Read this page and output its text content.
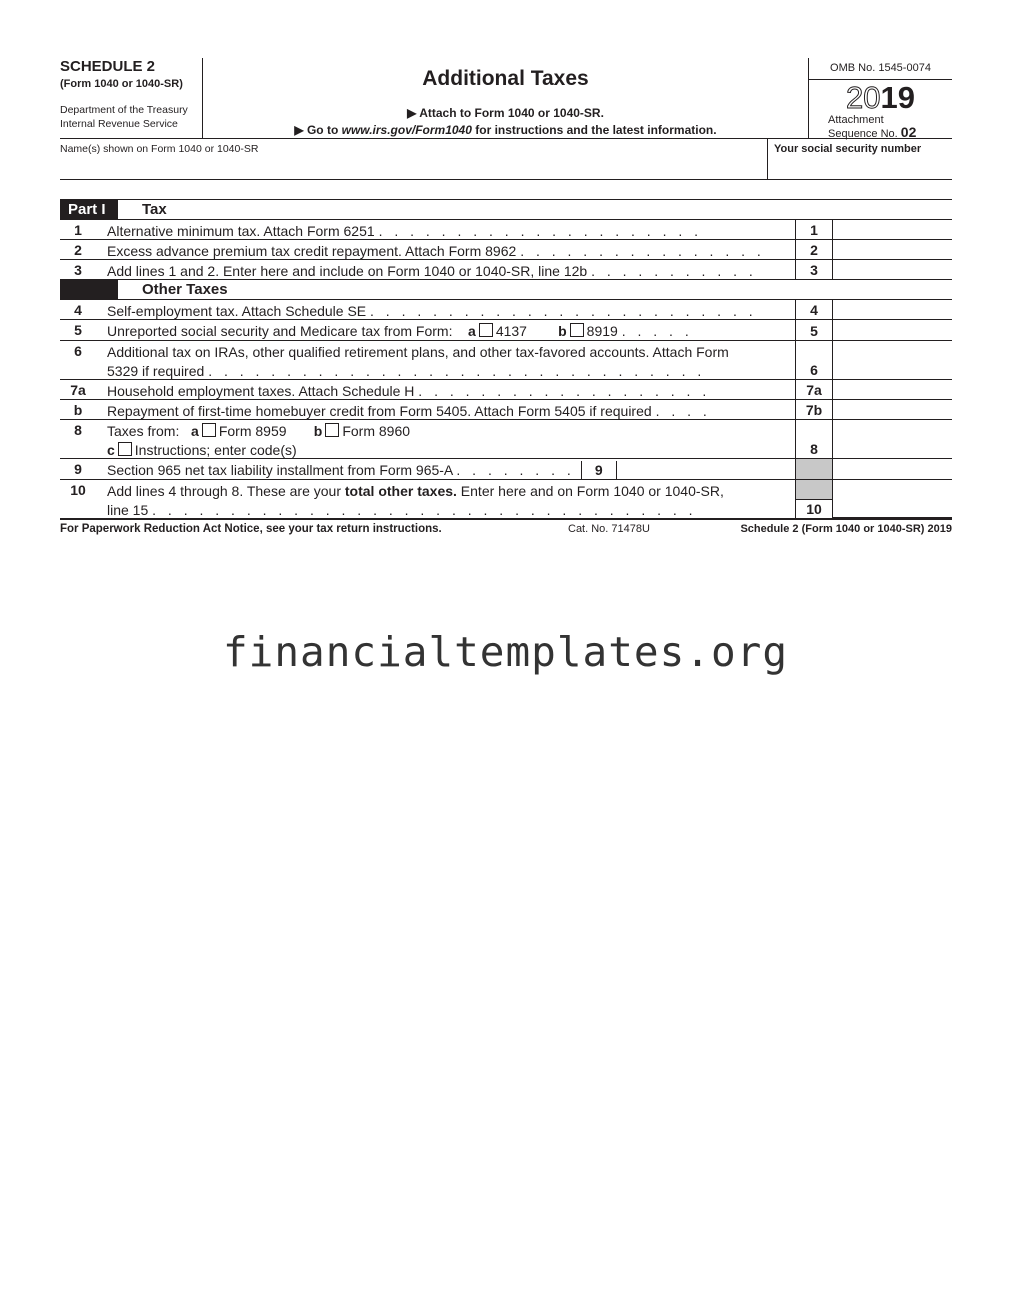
SCHEDULE 2
(Form 1040 or 1040-SR)
Department of the Treasury
Internal Revenue Service
Additional Taxes
▶ Attach to Form 1040 or 1040-SR.
▶ Go to www.irs.gov/Form1040 for instructions and the latest information.
OMB No. 1545-0074
2019
Attachment
Sequence No. 02
Name(s) shown on Form 1040 or 1040-SR	Your social security number
Part I	Tax
1	Alternative minimum tax. Attach Form 6251 . . . . . . . . . . . . . . . . . . . . .	1
2	Excess advance premium tax credit repayment. Attach Form 8962 . . . . . . . . . . . . . . . .	2
3	Add lines 1 and 2. Enter here and include on Form 1040 or 1040-SR, line 12b . . . . . . . . . . .	3
Other Taxes
4	Self-employment tax. Attach Schedule SE . . . . . . . . . . . . . . . . . . . . . . . . .	4
5	Unreported social security and Medicare tax from Form: a 4137 b 8919 . . . . .	5
6	Additional tax on IRAs, other qualified retirement plans, and other tax-favored accounts. Attach Form
5329 if required . . . . . . . . . . . . . . . . . . . . . . . . . . . . . . . .	6
7a	Household employment taxes. Attach Schedule H . . . . . . . . . . . . . . . . . . .	7a
b	Repayment of first-time homebuyer credit from Form 5405. Attach Form 5405 if required . . . .	7b
8	Taxes from: a Form 8959 b Form 8960
c Instructions; enter code(s)	8
9	Section 965 net tax liability installment from Form 965-A . . . . . . . . 9
10	Add lines 4 through 8. These are your total other taxes. Enter here and on Form 1040 or 1040-SR,
line 15 . . . . . . . . . . . . . . . . . . . . . . . . . . . . . . . . . . .	10
For Paperwork Reduction Act Notice, see your tax return instructions.	Cat. No. 71478U	Schedule 2 (Form 1040 or 1040-SR) 2019
financialtemplates.org
